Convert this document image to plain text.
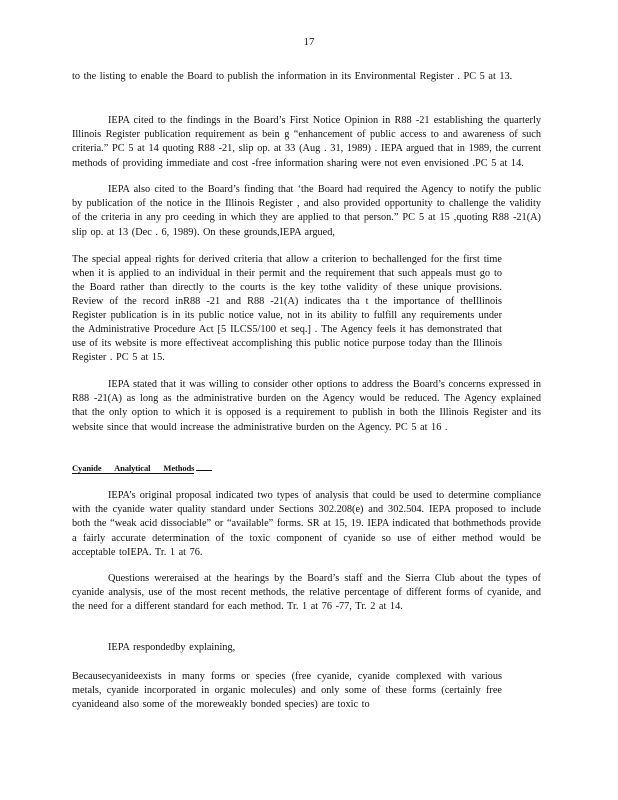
17

to the listing to enable the Board to publish the information in its Environmental Register . PC 5 at 13.

IEPA cited to the findings in the Board’s First Notice Opinion in R88 -21 establishing the quarterly Illinois Register publication requirement as bein g “enhancement of public access to and awareness of such criteria.” PC 5 at 14 quoting R88 -21, slip op. at 33 (Aug . 31, 1989) . IEPA argued that in 1989, the current methods of providing immediate and cost -free information sharing were not even envisioned .PC 5 at 14.

IEPA also cited to the Board’s finding that ‘the Board had required the Agency to notify the public by publication of the notice in the Illinois Register , and also provided opportunity to challenge the validity of the criteria in any pro ceeding in which they are applied to that person.” PC 5 at 15 ,quoting R88 -21(A) slip op. at 13 (Dec . 6, 1989). On these grounds,IEPA argued,

The special appeal rights for derived criteria that allow a criterion to bechallenged for the first time when it is applied to an individual in their permit and the requirement that such appeals must go to the Board rather than directly to the courts is the key tothe validity of these unique provisions. Review of the record inR88 -21 and R88 -21(A) indicates tha t the importance of theIllinois Register publication is in its public notice value, not in its ability to fulfill any requirements under the Administrative Procedure Act [5 ILCS5/100 et seq.] . The Agency feels it has demonstrated that use of its website is more effectiveat accomplishing this public notice purpose today than the Illinois Register . PC 5 at 15.

IEPA stated that it was willing to consider other options to address the Board’s concerns expressed in R88 -21(A) as long as the administrative burden on the Agency would be reduced. The Agency explained that the only option to which it is opposed is a requirement to publish in both the Illinois Register and its website since that would increase the administrative burden on the Agency. PC 5 at 16 .

Cyanide Analytical Methods

IEPA’s original proposal indicated two types of analysis that could be used to determine compliance with the cyanide water quality standard under Sections 302.208(e) and 302.504. IEPA proposed to include both the “weak acid dissociable” or “available” forms. SR at 15, 19. IEPA indicated that bothmethods provide a fairly accurate determination of the toxic component of cyanide so use of either method would be acceptable toIEPA. Tr. 1 at 76.

Questions wereraised at the hearings by the Board’s staff and the Sierra Club about the types of cyanide analysis, use of the most recent methods, the relative percentage of different forms of cyanide, and the need for a different standard for each method. Tr. 1 at 76 -77, Tr. 2 at 14.

IEPA respondedby explaining,

Becausecyanideexists in many forms or species (free cyanide, cyanide complexed with various metals, cyanide incorporated in organic molecules) and only some of these forms (certainly free cyanideand also some of the moreweakly bonded species) are toxic to
